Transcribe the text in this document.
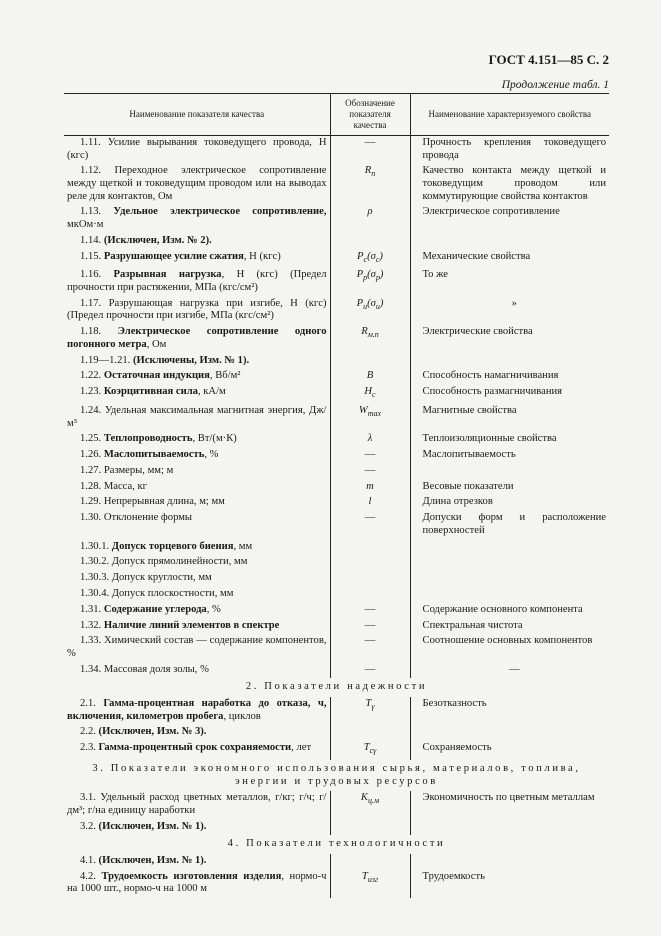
ГОСТ 4.151—85 С. 2
Продолжение табл. 1
Наименование показателя качества	Обозначение показателя качества	Наименование характеризуемого свойства
1.11. Усилие вырывания токоведущего провода, Н (кгс)	—	Прочность крепления токоведущего провода
1.12. Переходное электрическое сопротивление между щеткой и токоведущим проводом или на выводах реле для контактов, Ом	$R_п$	Качество контакта между щеткой и токоведущим проводом или коммутирующие свойства контактов
1.13. Удельное электрическое сопротивление, мкОм·м	ρ	Электрическое сопротивление
1.14. (Исключен, Изм. № 2).		
1.15. Разрушающее усилие сжатия, Н (кгс)	$P_с(\sigma_с)$	Механические свойства
1.16. Разрывная нагрузка, Н (кгс) (Предел прочности при растяжении, МПа (кгс/см²)	$P_р(\sigma_р)$	То же
1.17. Разрушающая нагрузка при изгибе, Н (кгс) (Предел прочности при изгибе, МПа (кгс/см²)	$P_и(\sigma_и)$	»
1.18. Электрическое сопротивление одного погонного метра, Ом	$R_{м.п}$	Электрические свойства
1.19—1.21. (Исключены, Изм. № 1).		
1.22. Остаточная индукция, Вб/м²	B	Способность намагничивания
1.23. Коэрцитивная сила, кА/м	$H_c$	Способность размагничивания
1.24. Удельная максимальная магнитная энергия, Дж/м³	$W_{max}$	Магнитные свойства
1.25. Теплопроводность, Вт/(м·К)	λ	Теплоизоляционные свойства
1.26. Маслопитываемость, %	—	Маслопитываемость
1.27. Размеры, мм; м	—	
1.28. Масса, кг	m	Весовые показатели
1.29. Непрерывная длина, м; мм	l	Длина отрезков
1.30. Отклонение формы	—	Допуски форм и расположение поверхностей
1.30.1. Допуск торцевого биения, мм		
1.30.2. Допуск прямолинейности, мм		
1.30.3. Допуск круглости, мм		
1.30.4. Допуск плоскостности, мм		
1.31. Содержание углерода, %	—	Содержание основного компонента
1.32. Наличие линий элементов в спектре	—	Спектральная чистота
1.33. Химический состав — содержание компонентов, %	—	Соотношение основных компонентов
1.34. Массовая доля золы, %	—	—
2. Показатели надежности		
2.1. Гамма-процентная наработка до отказа, ч, включения, километров пробега, циклов	$T_\gamma$	Безотказность
2.2. (Исключен, Изм. № 3).		
2.3. Гамма-процентный срок сохраняемости, лет	$T_{с\gamma}$	Сохраняемость
3. Показатели экономного использования сырья, материалов, топлива, энергии и трудовых ресурсов		
3.1. Удельный расход цветных металлов, г/кг; г/ч; г/дм³; г/на единицу наработки	$K_{ц.м}$	Экономичность по цветным металлам
3.2. (Исключен, Изм. № 1).		
4. Показатели технологичности		
4.1. (Исключен, Изм. № 1).		
4.2. Трудоемкость изготовления изделия, нормо-ч на 1000 шт., нормо-ч на 1000 м	$T_{изг}$	Трудоемкость
